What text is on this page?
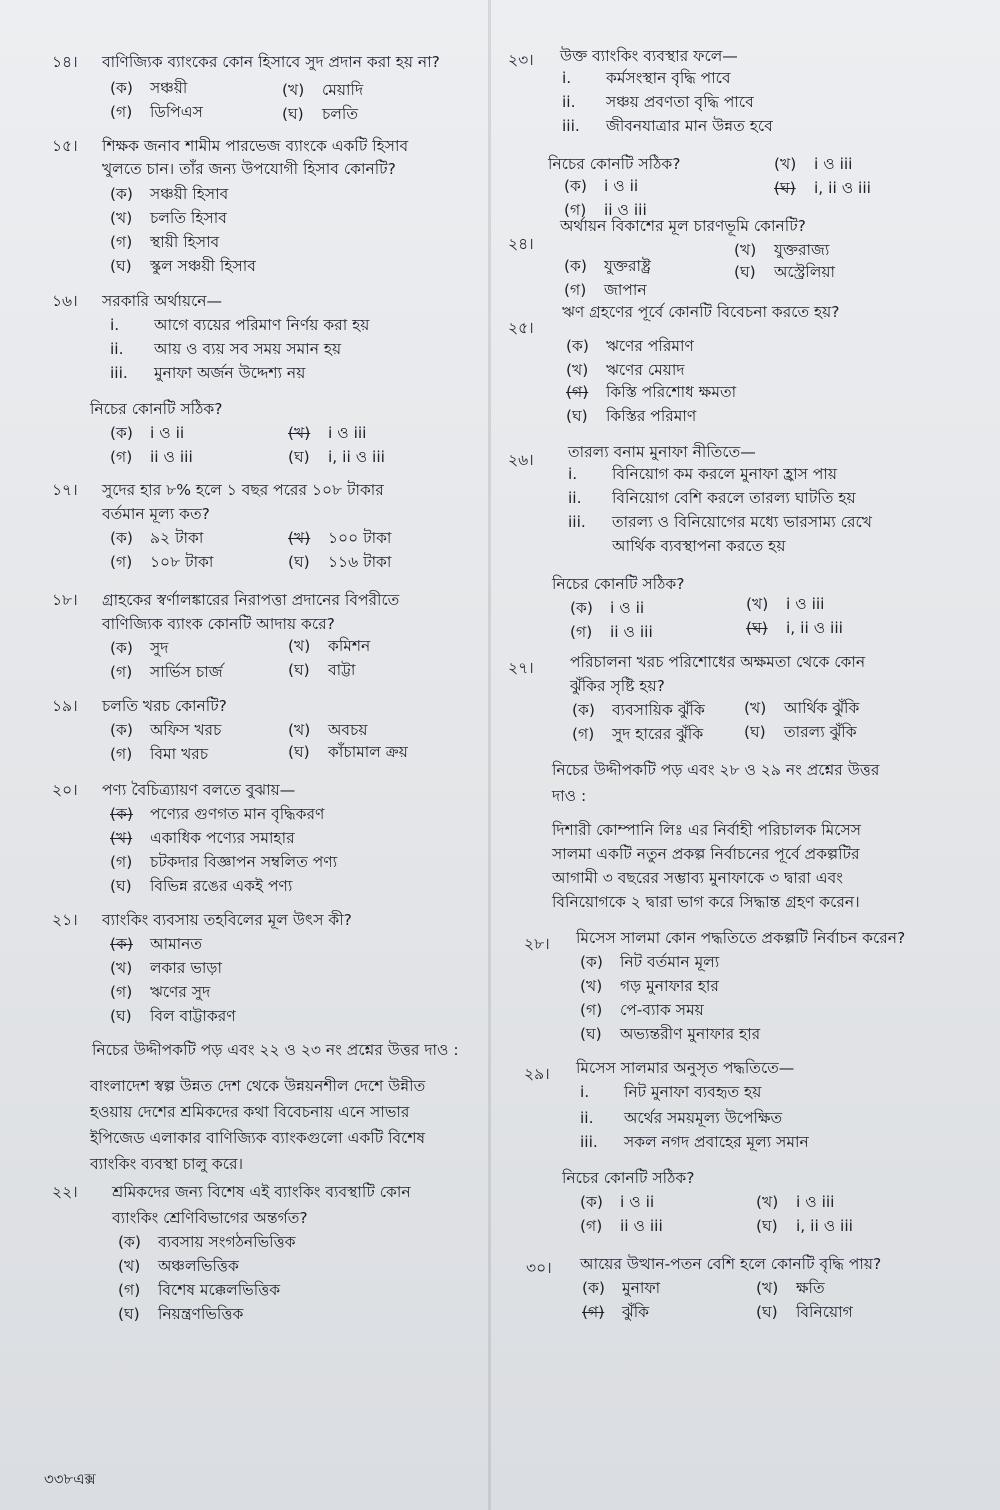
১৪। বাণিজ্যিক ব্যাংকের কোন হিসাবে সুদ প্রদান করা হয় না?
(ক) সঞ্চয়ী	(খ) মেয়াদি
(গ) ডিপিএস	(ঘ) চলতি
১৫। শিক্ষক জনাব শামীম পারভেজ ব্যাংকে একটি হিসাব
খুলতে চান। তাঁর জন্য উপযোগী হিসাব কোনটি?
(ক) সঞ্চয়ী হিসাব
(খ) চলতি হিসাব
(গ) স্থায়ী হিসাব
(ঘ) স্কুল সঞ্চয়ী হিসাব
১৬। সরকারি অর্থায়নে—
i. আগে ব্যয়ের পরিমাণ নির্ণয় করা হয়
ii. আয় ও ব্যয় সব সময় সমান হয়
iii. মুনাফা অর্জন উদ্দেশ্য নয়
নিচের কোনটি সঠিক?
(ক) i ও ii	(খ) i ও iii
(গ) ii ও iii	(ঘ) i, ii ও iii
১৭। সুদের হার ৮% হলে ১ বছর পরের ১০৮ টাকার
বর্তমান মূল্য কত?
(ক) ৯২ টাকা	(খ) ১০০ টাকা
(গ) ১০৮ টাকা	(ঘ) ১১৬ টাকা
১৮। গ্রাহকের স্বর্ণালঙ্কারের নিরাপত্তা প্রদানের বিপরীতে
বাণিজ্যিক ব্যাংক কোনটি আদায় করে?
(ক) সুদ	(খ) কমিশন
(গ) সার্ভিস চার্জ	(ঘ) বাট্টা
১৯। চলতি খরচ কোনটি?
(ক) অফিস খরচ	(খ) অবচয়
(গ) বিমা খরচ	(ঘ) কাঁচামাল ক্রয়
২০। পণ্য বৈচিত্র্যায়ণ বলতে বুঝায়—
(ক) পণ্যের গুণগত মান বৃদ্ধিকরণ
(খ) একাধিক পণ্যের সমাহার
(গ) চটকদার বিজ্ঞাপন সম্বলিত পণ্য
(ঘ) বিভিন্ন রঙের একই পণ্য
২১। ব্যাংকিং ব্যবসায় তহবিলের মূল উৎস কী?
(ক) আমানত
(খ) লকার ভাড়া
(গ) ঋণের সুদ
(ঘ) বিল বাট্টাকরণ
নিচের উদ্দীপকটি পড় এবং ২২ ও ২৩ নং প্রশ্নের উত্তর দাও :
বাংলাদেশ স্বল্প উন্নত দেশ থেকে উন্নয়নশীল দেশে উন্নীত
হওয়ায় দেশের শ্রমিকদের কথা বিবেচনায় এনে সাভার
ইপিজেড এলাকার বাণিজ্যিক ব্যাংকগুলো একটি বিশেষ
ব্যাংকিং ব্যবস্থা চালু করে।
২২। শ্রমিকদের জন্য বিশেষ এই ব্যাংকিং ব্যবস্থাটি কোন
ব্যাংকিং শ্রেণিবিভাগের অন্তর্গত?
(ক) ব্যবসায় সংগঠনভিত্তিক
(খ) অঞ্চলভিত্তিক
(গ) বিশেষ মক্কেলভিত্তিক
(ঘ) নিয়ন্ত্রণভিত্তিক
২৩। উক্ত ব্যাংকিং ব্যবস্থার ফলে—
i. কর্মসংস্থান বৃদ্ধি পাবে
ii. সঞ্চয় প্রবণতা বৃদ্ধি পাবে
iii. জীবনযাত্রার মান উন্নত হবে
নিচের কোনটি সঠিক?
(ক) i ও ii
(খ) i ও iii
(গ) ii ও iii
(ঘ) i, ii ও iii
২৪।
অর্থায়ন বিকাশের মূল চারণভূমি কোনটি?
(ক) যুক্তরাষ্ট্র
(খ) যুক্তরাজ্য
(গ) জাপান
(ঘ) অস্ট্রেলিয়া
২৫।
ঋণ গ্রহণের পূর্বে কোনটি বিবেচনা করতে হয়?
(ক) ঋণের পরিমাণ
(খ) ঋণের মেয়াদ
(গ) কিস্তি পরিশোধ ক্ষমতা
(ঘ) কিস্তির পরিমাণ
২৬। তারল্য বনাম মুনাফা নীতিতে—
i. বিনিয়োগ কম করলে মুনাফা হ্রাস পায়
ii. বিনিয়োগ বেশি করলে তারল্য ঘাটতি হয়
iii. তারল্য ও বিনিয়োগের মধ্যে ভারসাম্য রেখে
আর্থিক ব্যবস্থাপনা করতে হয়
নিচের কোনটি সঠিক?
(ক) i ও ii	(খ) i ও iii
(গ) ii ও iii	(ঘ) i, ii ও iii
২৭। পরিচালনা খরচ পরিশোধের অক্ষমতা থেকে কোন
ঝুঁকির সৃষ্টি হয়?
(ক) ব্যবসায়িক ঝুঁকি	(খ) আর্থিক ঝুঁকি
(গ) সুদ হারের ঝুঁকি	(ঘ) তারল্য ঝুঁকি
নিচের উদ্দীপকটি পড় এবং ২৮ ও ২৯ নং প্রশ্নের উত্তর
দাও :
দিশারী কোম্পানি লিঃ এর নির্বাহী পরিচালক মিসেস
সালমা একটি নতুন প্রকল্প নির্বাচনের পূর্বে প্রকল্পটির
আগামী ৩ বছরের সম্ভাব্য মুনাফাকে ৩ দ্বারা এবং
বিনিয়োগকে ২ দ্বারা ভাগ করে সিদ্ধান্ত গ্রহণ করেন।
২৮। মিসেস সালমা কোন পদ্ধতিতে প্রকল্পটি নির্বাচন করেন?
(ক) নিট বর্তমান মূল্য
(খ) গড় মুনাফার হার
(গ) পে-ব্যাক সময়
(ঘ) অভ্যন্তরীণ মুনাফার হার
২৯। মিসেস সালমার অনুসৃত পদ্ধতিতে—
i. নিট মুনাফা ব্যবহৃত হয়
ii. অর্থের সময়মূল্য উপেক্ষিত
iii. সকল নগদ প্রবাহের মূল্য সমান
নিচের কোনটি সঠিক?
(ক) i ও ii	(খ) i ও iii
(গ) ii ও iii	(ঘ) i, ii ও iii
৩০। আয়ের উত্থান-পতন বেশি হলে কোনটি বৃদ্ধি পায়?
(ক) মুনাফা	(খ) ক্ষতি
(গ) ঝুঁকি	(ঘ) বিনিয়োগ
৩৩৮এক্স
